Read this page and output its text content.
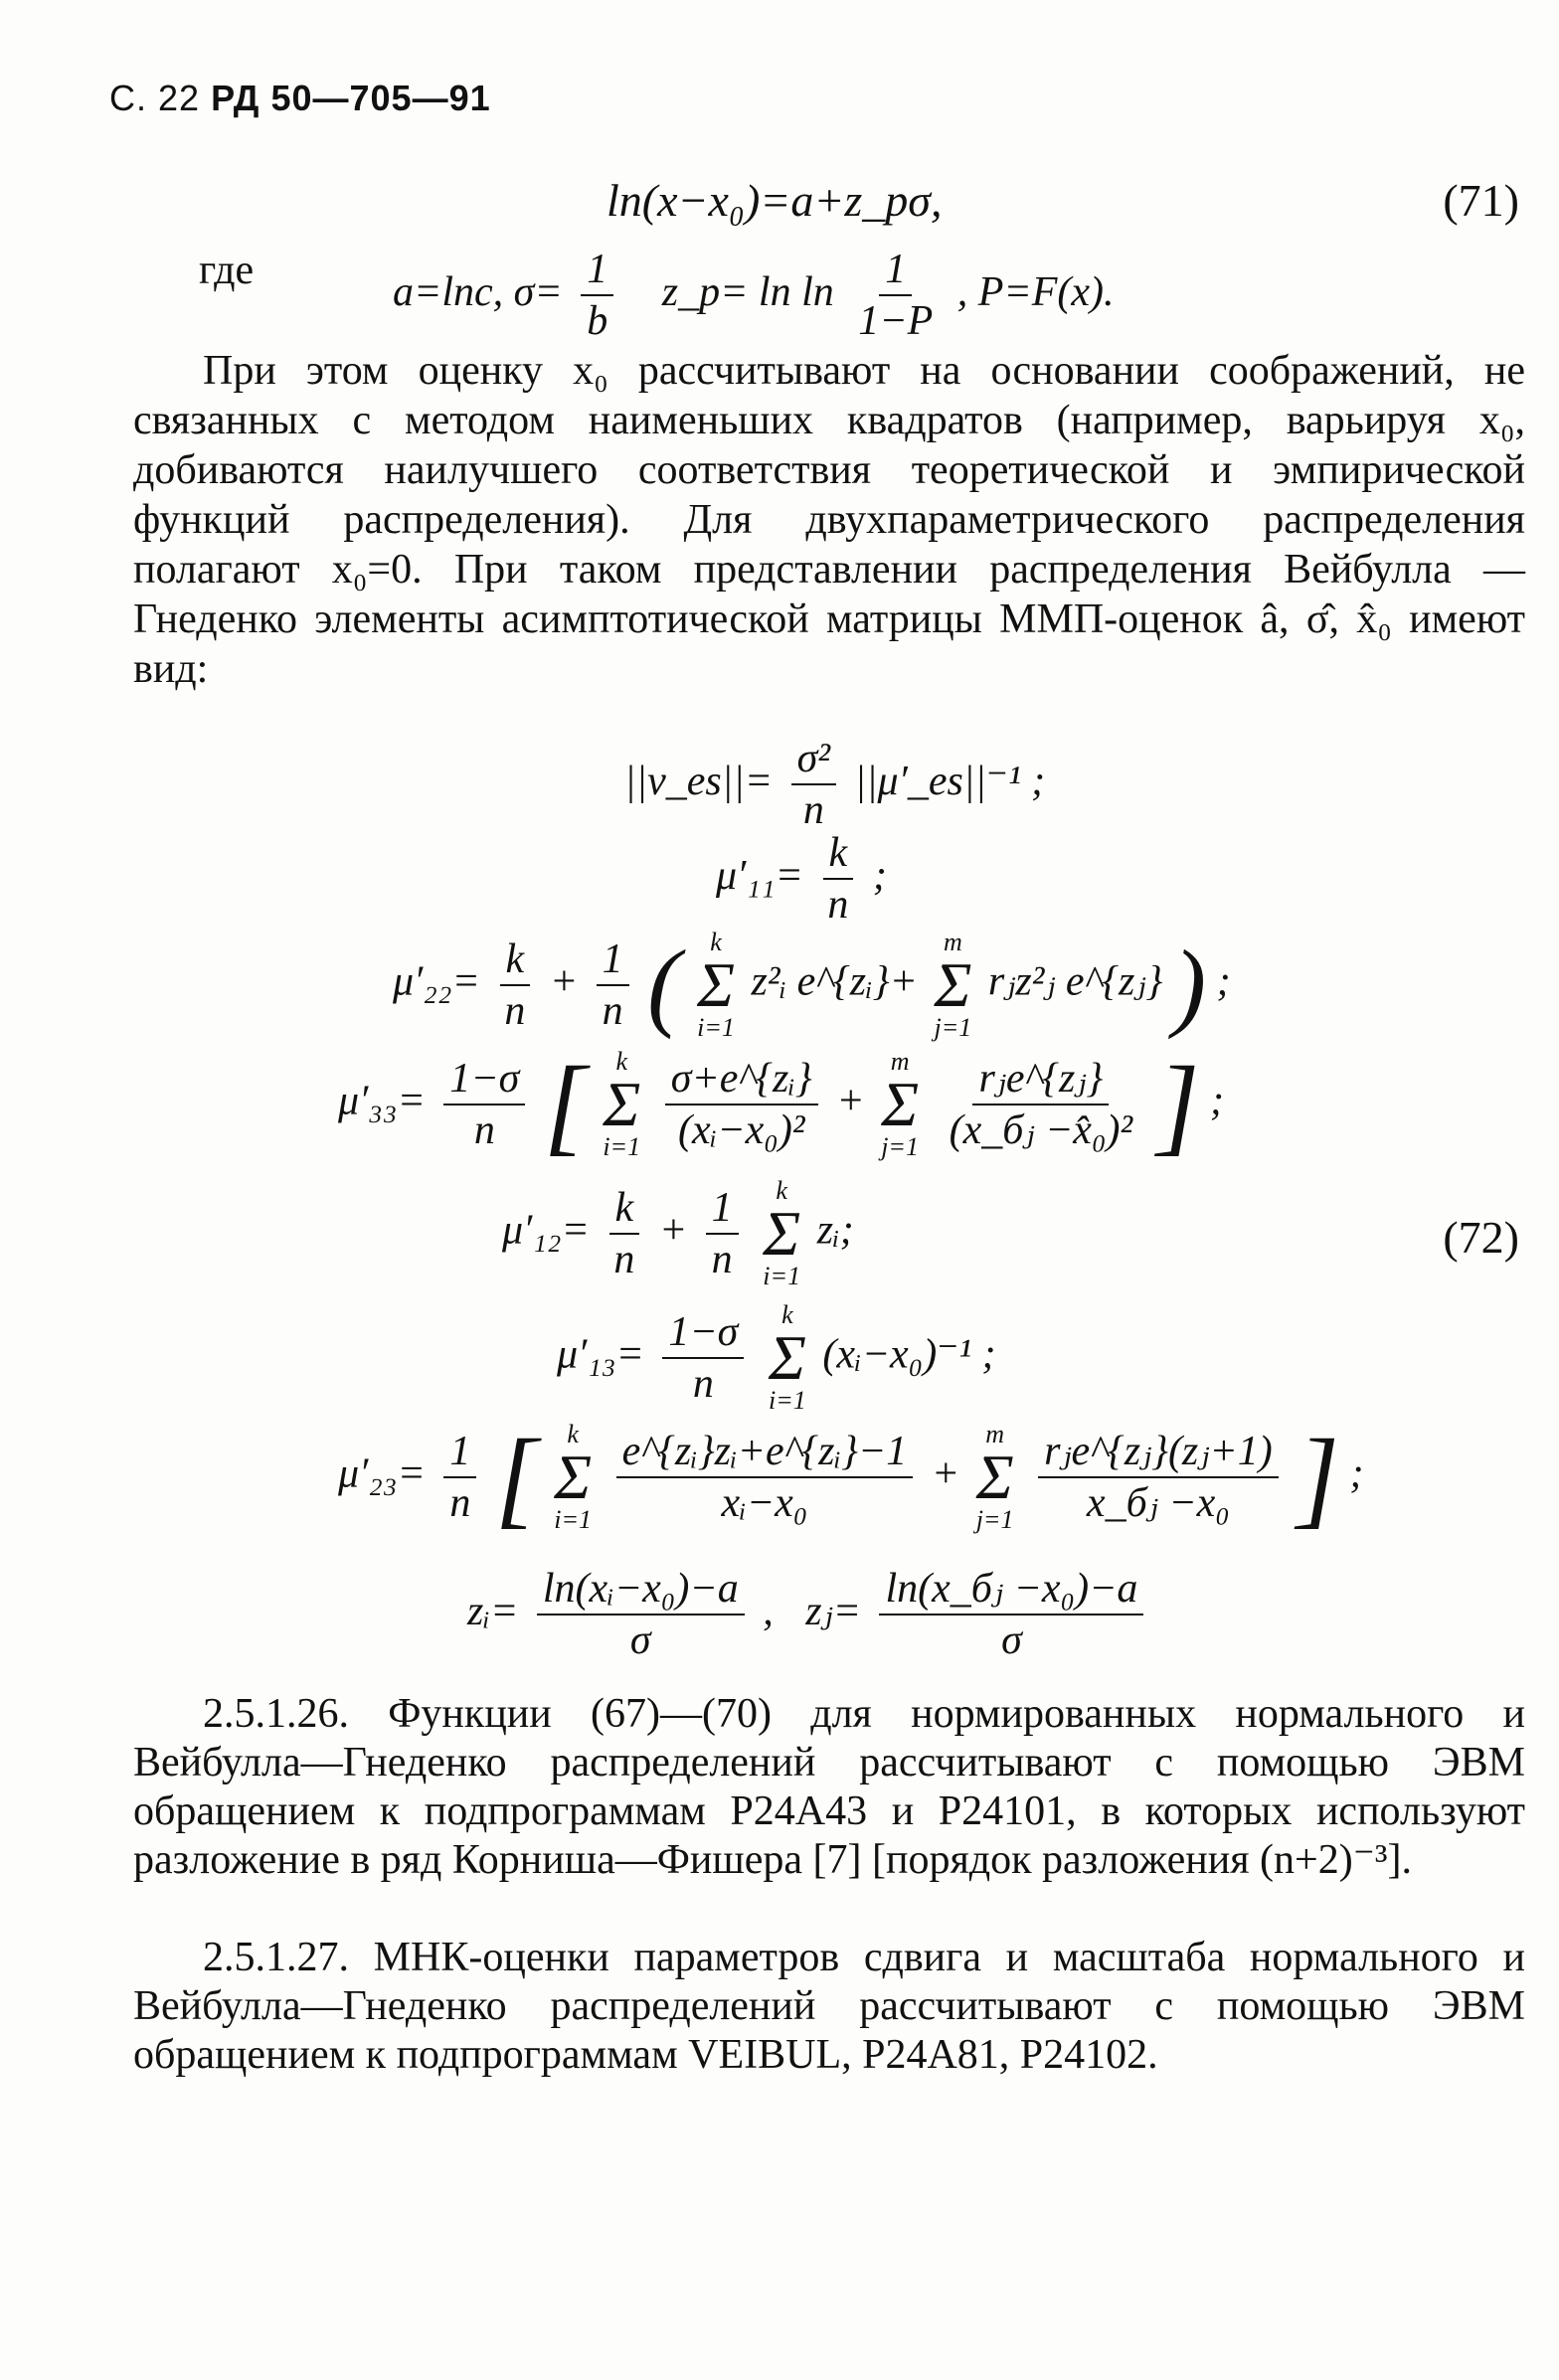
С. 22 РД 50—705—91
ln(x−x₀)=a+z_pσ,	(71)
где	a=lnc, $\sigma= \frac{1}{b}$ z_p= $\ln \ln \frac{1}{1-P}$ , P=F(x).

При этом оценку x₀ рассчитывают на основании соображений, не связанных с методом наименьших квадратов (например, варьируя x₀, добиваются наилучшего соответствия теоретической и эмпирической функций распределения). Для двухпараметрического распределения полагают x₀=0. При таком представлении распределения Вейбулла — Гнеденко элементы асимптотической матрицы ММП-оценок â, σ̂, x̂₀ имеют вид:

||ν_es||= $\frac{\text{σ²}}{n}$ ||μ′_es||⁻¹ ;
$\mu'_{11}= \frac{k}{n}$ ;
$\mu'_{22}= \frac{k}{n} + \frac{1}{n}$ ( k
Σ
i=1
z²ᵢ e^{zᵢ}+
m
Σ
j=1
rⱼz²ⱼ e^{zⱼ} ) ;
$\mu'_{33}= \frac{1-\sigma}{n}$ [ k
Σ
i=1
$\frac{\text{σ+e\textasciicircum{}\{zᵢ\}}}{\text{(xᵢ−x₀)²}}$ +
m
Σ
j=1
$\frac{\text{rⱼe\textasciicircum{}\{zⱼ\}}}{\text{(x\_бⱼ −x̂₀)²}}$ ] ;
$\mu'_{12}= \frac{k}{n} + \frac{1}{n}$
k
Σ
i=1
zᵢ;	(72)
$\mu'_{13}= \frac{1-\sigma}{n}$
k
Σ
i=1
(xᵢ−x₀)⁻¹ ;
$\mu'_{23}= \frac{1}{n}$ [ k
Σ
i=1
$\frac{\text{e\textasciicircum{}\{zᵢ\}zᵢ+e\textasciicircum{}\{zᵢ\}−1}}{\text{xᵢ−x₀}}$ +
m
Σ
j=1
$\frac{\text{rⱼe\textasciicircum{}\{zⱼ\}(zⱼ+1)}}{\text{x\_бⱼ −x₀}}$ ] ;
zᵢ= $\frac{\text{ln(xᵢ−x₀)−a}}{\sigma}$ , zⱼ= $\frac{\text{ln(x\_бⱼ −x₀)−a}}{\sigma}$

2.5.1.26. Функции (67)—(70) для нормированных нормального и Вейбулла—Гнеденко распределений рассчитывают с помощью ЭВМ обращением к подпрограммам P24A43 и P24101, в которых используют разложение в ряд Корниша—Фишера [7] [порядок разложения (n+2)⁻³].

2.5.1.27. МНК-оценки параметров сдвига и масштаба нормального и Вейбулла—Гнеденко распределений рассчитывают с помощью ЭВМ обращением к подпрограммам VEIBUL, P24A81, P24102.
